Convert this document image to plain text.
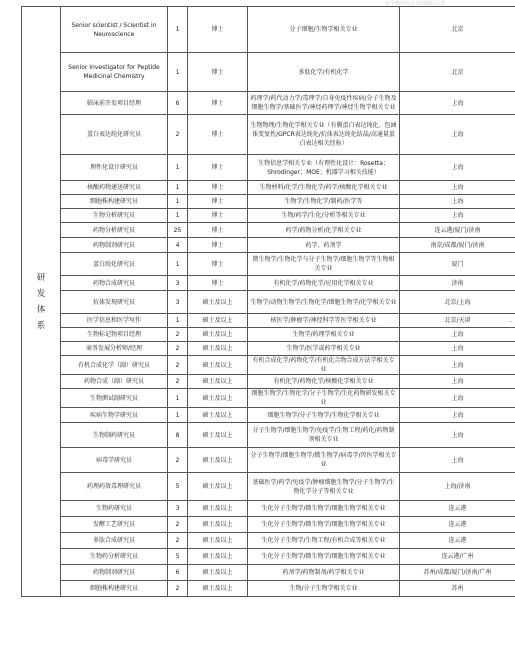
某生物医药企业招聘职位表
-
研
发
体
系	Senior scientist / Scientist in Neuroscience	1	博士	分子细胞/生物学相关专业	北京
	Senior Investigator for Peptide Medicinal Chemistry	1	博士	多肽化学/有机化学	北京
	临床前开发项目经理	6	博士	药理学/药代动力学/毒理学/自身免疫性疾病/分子生物及细胞生物学/基础医学/神经药理学/神经生物学相关专业	上海
	蛋白表达纯化研究员	2	博士	生物物理/生物化学相关专业（有膜蛋白表达纯化、包涵体变复性/GPCR表达纯化/抗体表达纯化结晶/高通量蛋白表达相关经验）	上海
	理性化设计研究员	1	博士	生物信息学相关专业（有理性化设计：Rosetta；Shrodinger；MOE；机器学习相关技能）	上海
	核酸药物递送研究员	1	博士	生物材料/化学/生物化学/药学/核酸化学相关专业	上海
	细胞株构建研究员	1	博士	生物学/生物化学/制药/医学等	上海
	生物分析研究员	1	博士	生物/药学/生化/分析等相关专业	上海
	药物分析研究员	25	博士	药学/药物分析/化学相关专业	连云港/厦门/济南
	药物制剂研究员	4	博士	药学、药剂学	南京/成都/厦门/济南
	蛋白纯化研究员	1	博士	微生物学/生物化学与分子生物学/细胞生物学等生物相关专业	厦门
	药物合成研究员	3	博士	有机化学/药物化学/应用化学相关专业	济南
	抗体发现研究员	3	硕士及以上	生物学/动物生物学/生物化学/细胞生物学/化学相关专业	北京/上海
	医学信息和医学写作	1	硕士及以上	核医学/肿瘤学/神经科学等医学相关专业	北京/天津
	生物标记物项目经理	2	硕士及以上	生物学/药理学相关专业	上海
	商务发展分析师/经理	2	硕士及以上	生物学/医学或药学相关专业	上海
	有机合成化学（副）研究员	2	硕士及以上	有机合成化学/药物化学/有机化合物合成方法学相关专业	上海
	药物合成（副）研究员	2	硕士及以上	有机化学/药物化学/核酸化学相关专业	上海
	生物测试副研究员	1	硕士及以上	细胞生物学/生物化学/分子生物学/生化药物研发相关专业	上海
	疾病生物学研究员	1	硕士及以上	细胞生物学/分子生物学/生物化学相关专业	上海
	生物制药研究员	8	硕士及以上	分子生物学/细胞生物学/免疫学/生物工程/药化/药物制剂相关专业	上海
	病毒学研究员	2	硕士及以上	分子生物学/细胞生物学/微生物学/病毒学/兽医学相关专业	上海
	药理药效毒理研究员	5	硕士及以上	基础医学/药学/免疫学/肿瘤细胞生物学/分子生物学/生物化学分子等相关专业	上海/济南
	生物药研究员	3	硕士及以上	生化分子生物学/微生物学/细胞生物学相关专业	连云港
	发酵工艺研究员	2	硕士及以上	生化分子生物学/微生物学/细胞生物学相关专业	连云港
	多肽合成研究员	2	硕士及以上	生化分子生物学/生物工程/有机合成等相关专业	连云港
	生物药分析研究员	5	硕士及以上	生化分子生物学/微生物学/细胞生物学相关专业	连云港/广州
	药物制剂研究员	6	硕士及以上	药剂学/药物制剂/药学相关专业	苏州/成都/厦门/济南/广州
	细胞株构建研究员	2	硕士及以上	生物/分子生物学相关专业	苏州
